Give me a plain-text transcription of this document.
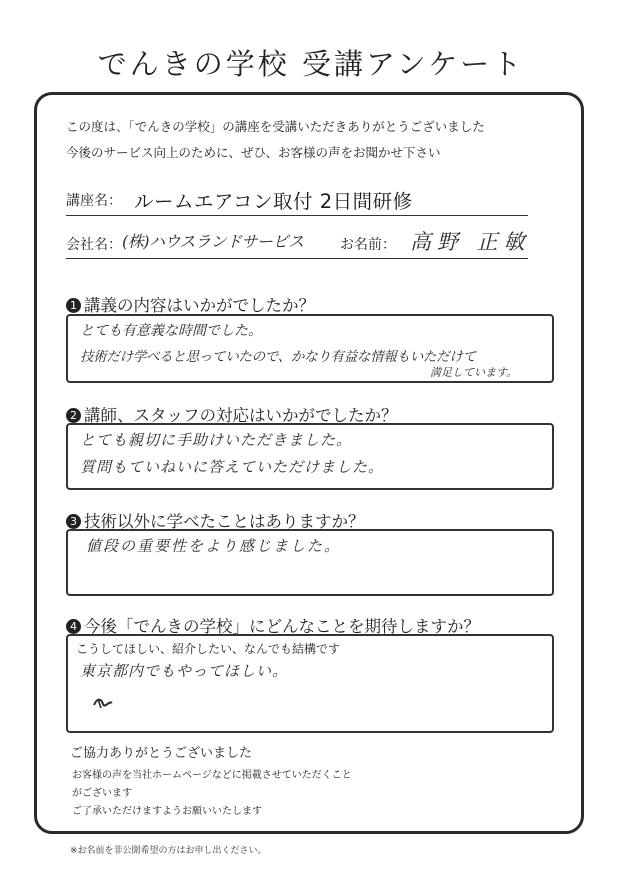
でんきの学校 受講アンケート
この度は、「でんきの学校」の講座を受講いただきありがとうございました
今後のサービス向上のために、ぜひ、お客様の声をお聞かせ下さい
講座名： ルームエアコン取付 2日間研修
会社名： (株)ハウスランドサービス	お名前： 高野 正敏
1 講義の内容はいかがでしたか？
とても有意義な時間でした。
技術だけ学べると思っていたので、かなり有益な情報もいただけて
満足しています。
2 講師、スタッフの対応はいかがでしたか？
とても親切に手助けいただきました。
質問もていねいに答えていただけました。
3 技術以外に学べたことはありますか？
値段の重要性をより感じました。
4 今後「でんきの学校」にどんなことを期待しますか？
こうしてほしい、紹介したい、なんでも結構です
東京都内でもやってほしい。
ご協力ありがとうございました
お客様の声を当社ホームページなどに掲載させていただくこと
がございます
ご了承いただけますようお願いいたします
※お名前を非公開希望の方はお申し出ください。
